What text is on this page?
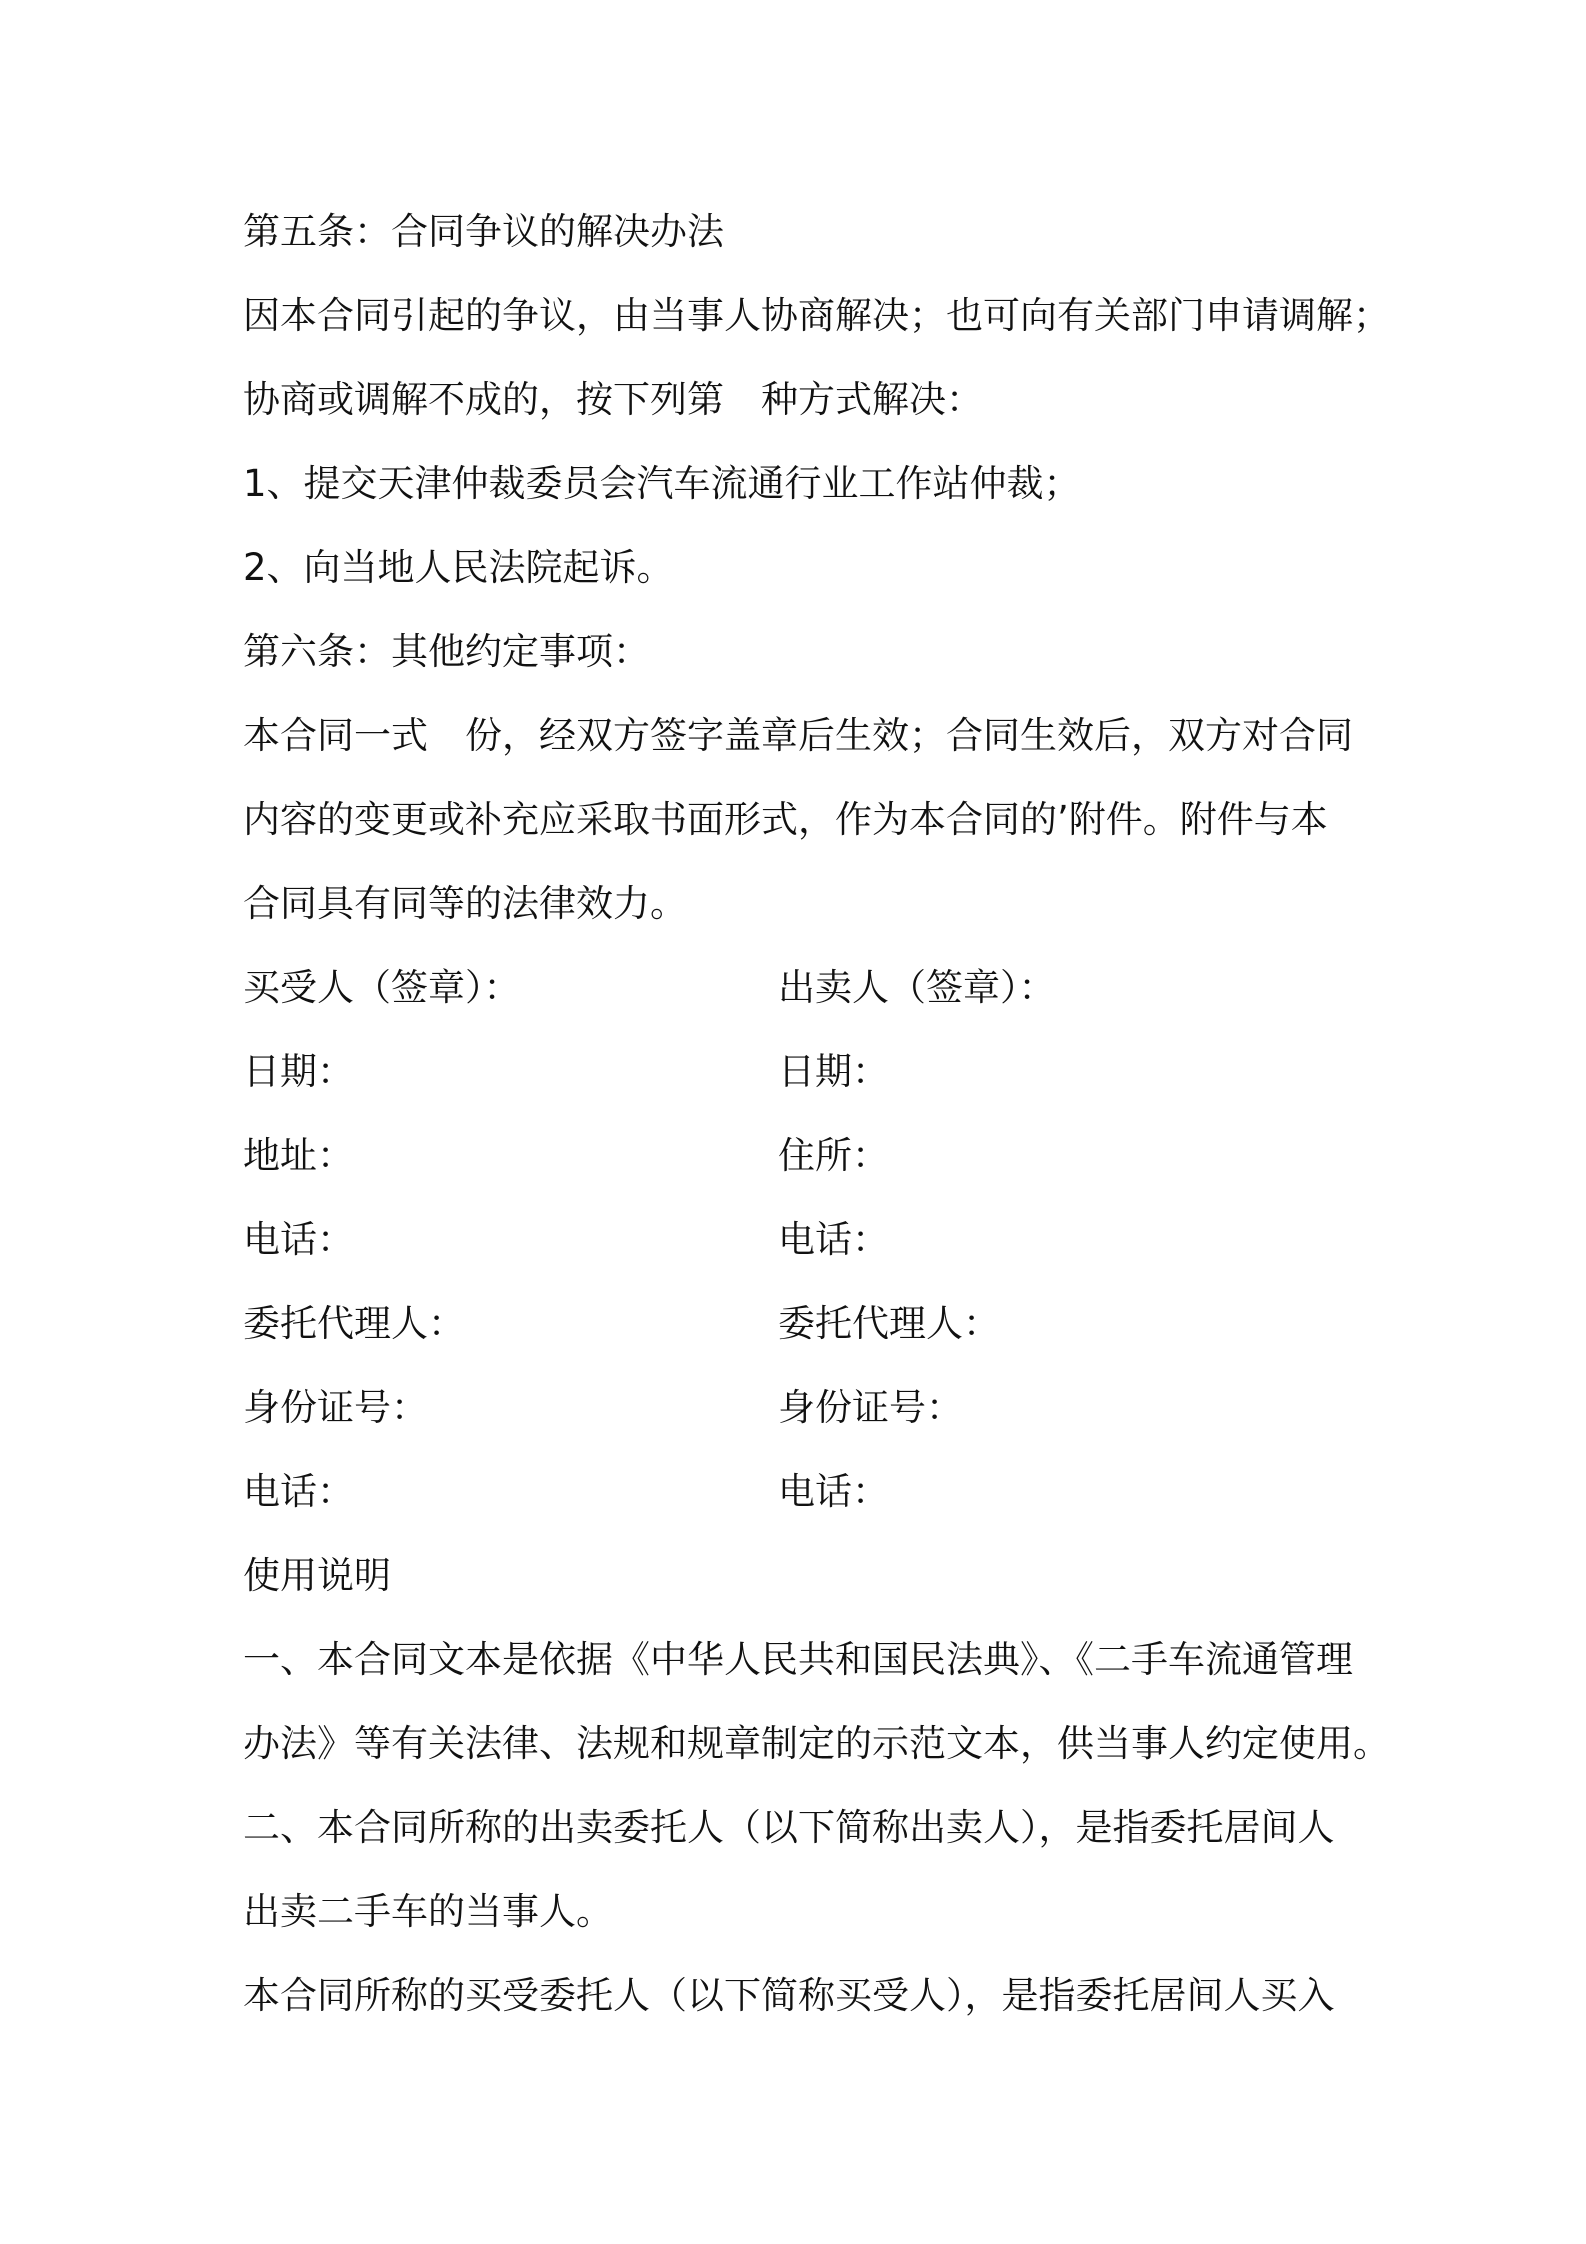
第五条：合同争议的解决办法
因本合同引起的争议，由当事人协商解决；也可向有关部门申请调解；
协商或调解不成的，按下列第　种方式解决：
1、提交天津仲裁委员会汽车流通行业工作站仲裁；
2、向当地人民法院起诉。
第六条：其他约定事项：
本合同一式　份，经双方签字盖章后生效；合同生效后，双方对合同
内容的变更或补充应采取书面形式，作为本合同的’附件。附件与本
合同具有同等的法律效力。
买受人（签章）：	出卖人（签章）：
日期：	日期：
地址：	住所：
电话：	电话：
委托代理人：	委托代理人：
身份证号：	身份证号：
电话：	电话：
使用说明
一、本合同文本是依据《中华人民共和国民法典》、《二手车流通管理
办法》等有关法律、法规和规章制定的示范文本，供当事人约定使用。
二、本合同所称的出卖委托人（以下简称出卖人），是指委托居间人
出卖二手车的当事人。
本合同所称的买受委托人（以下简称买受人），是指委托居间人买入
